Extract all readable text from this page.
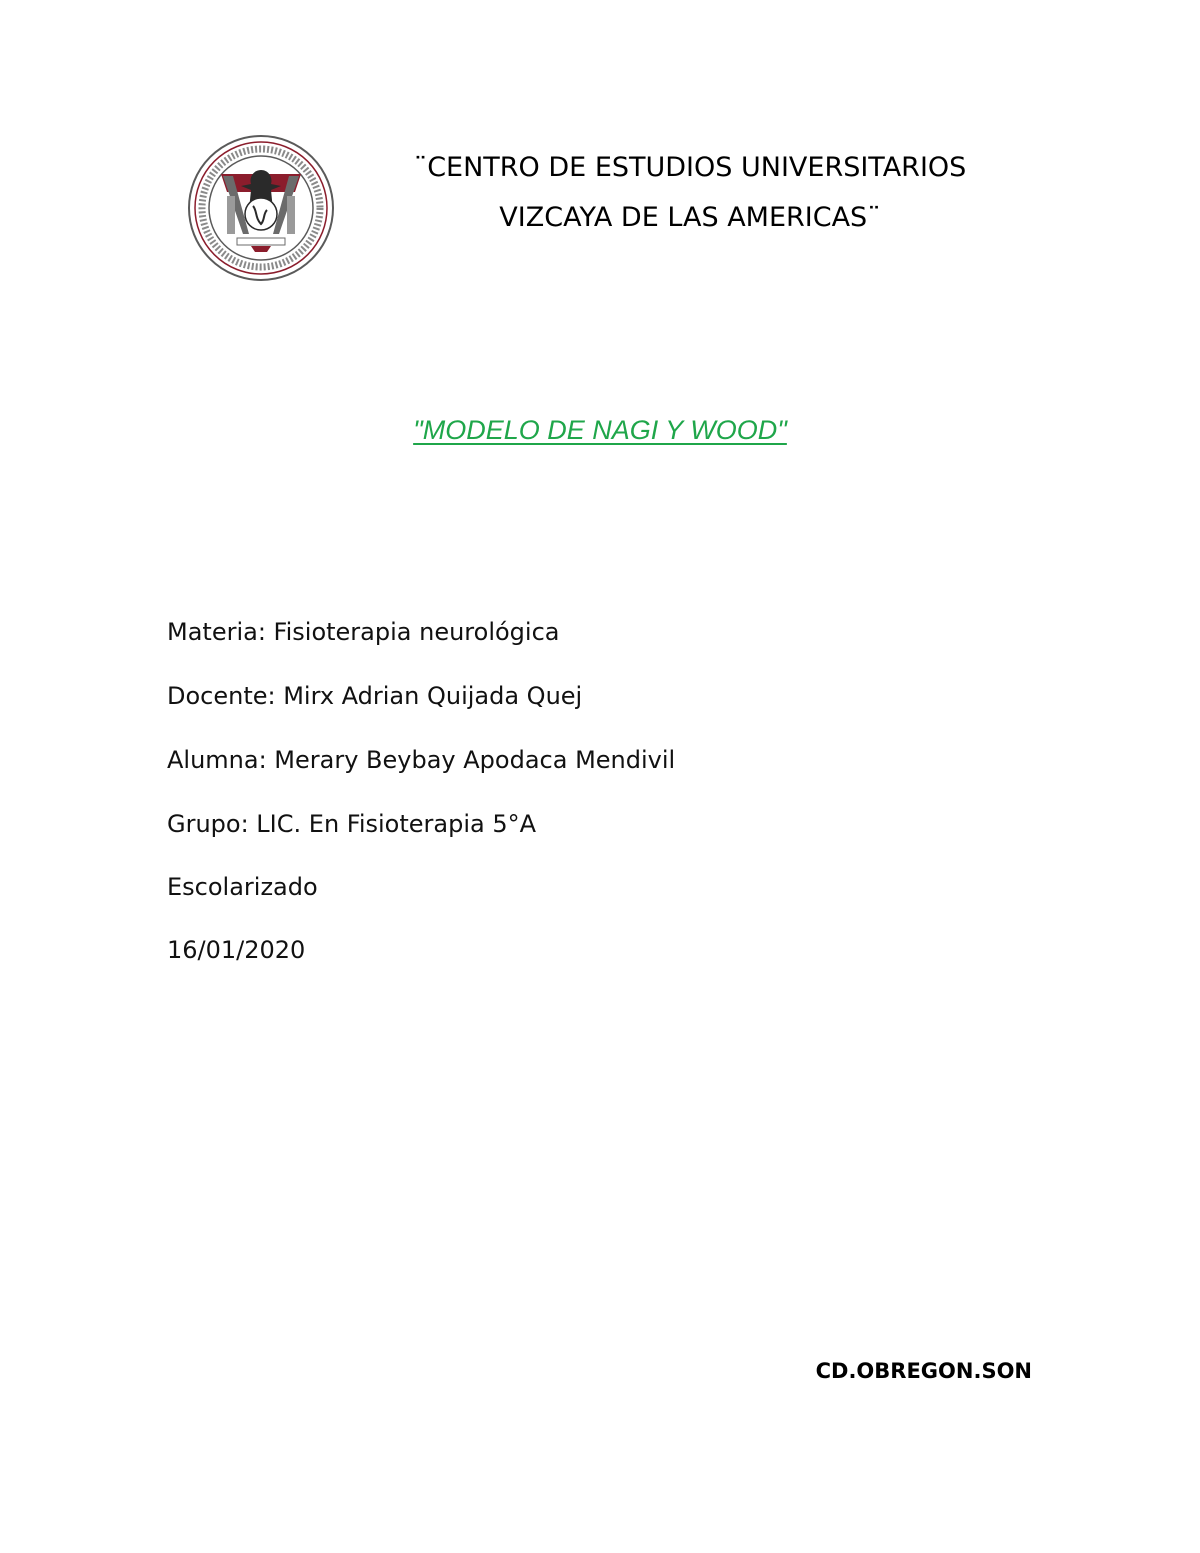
¨CENTRO DE ESTUDIOS UNIVERSITARIOS
VIZCAYA DE LAS AMERICAS¨
"MODELO DE NAGI Y WOOD"
Materia: Fisioterapia neurológica
Docente: Mirx Adrian Quijada Quej
Alumna: Merary Beybay Apodaca Mendivil
Grupo: LIC. En Fisioterapia 5°A
Escolarizado
16/01/2020
CD.OBREGON.SON
